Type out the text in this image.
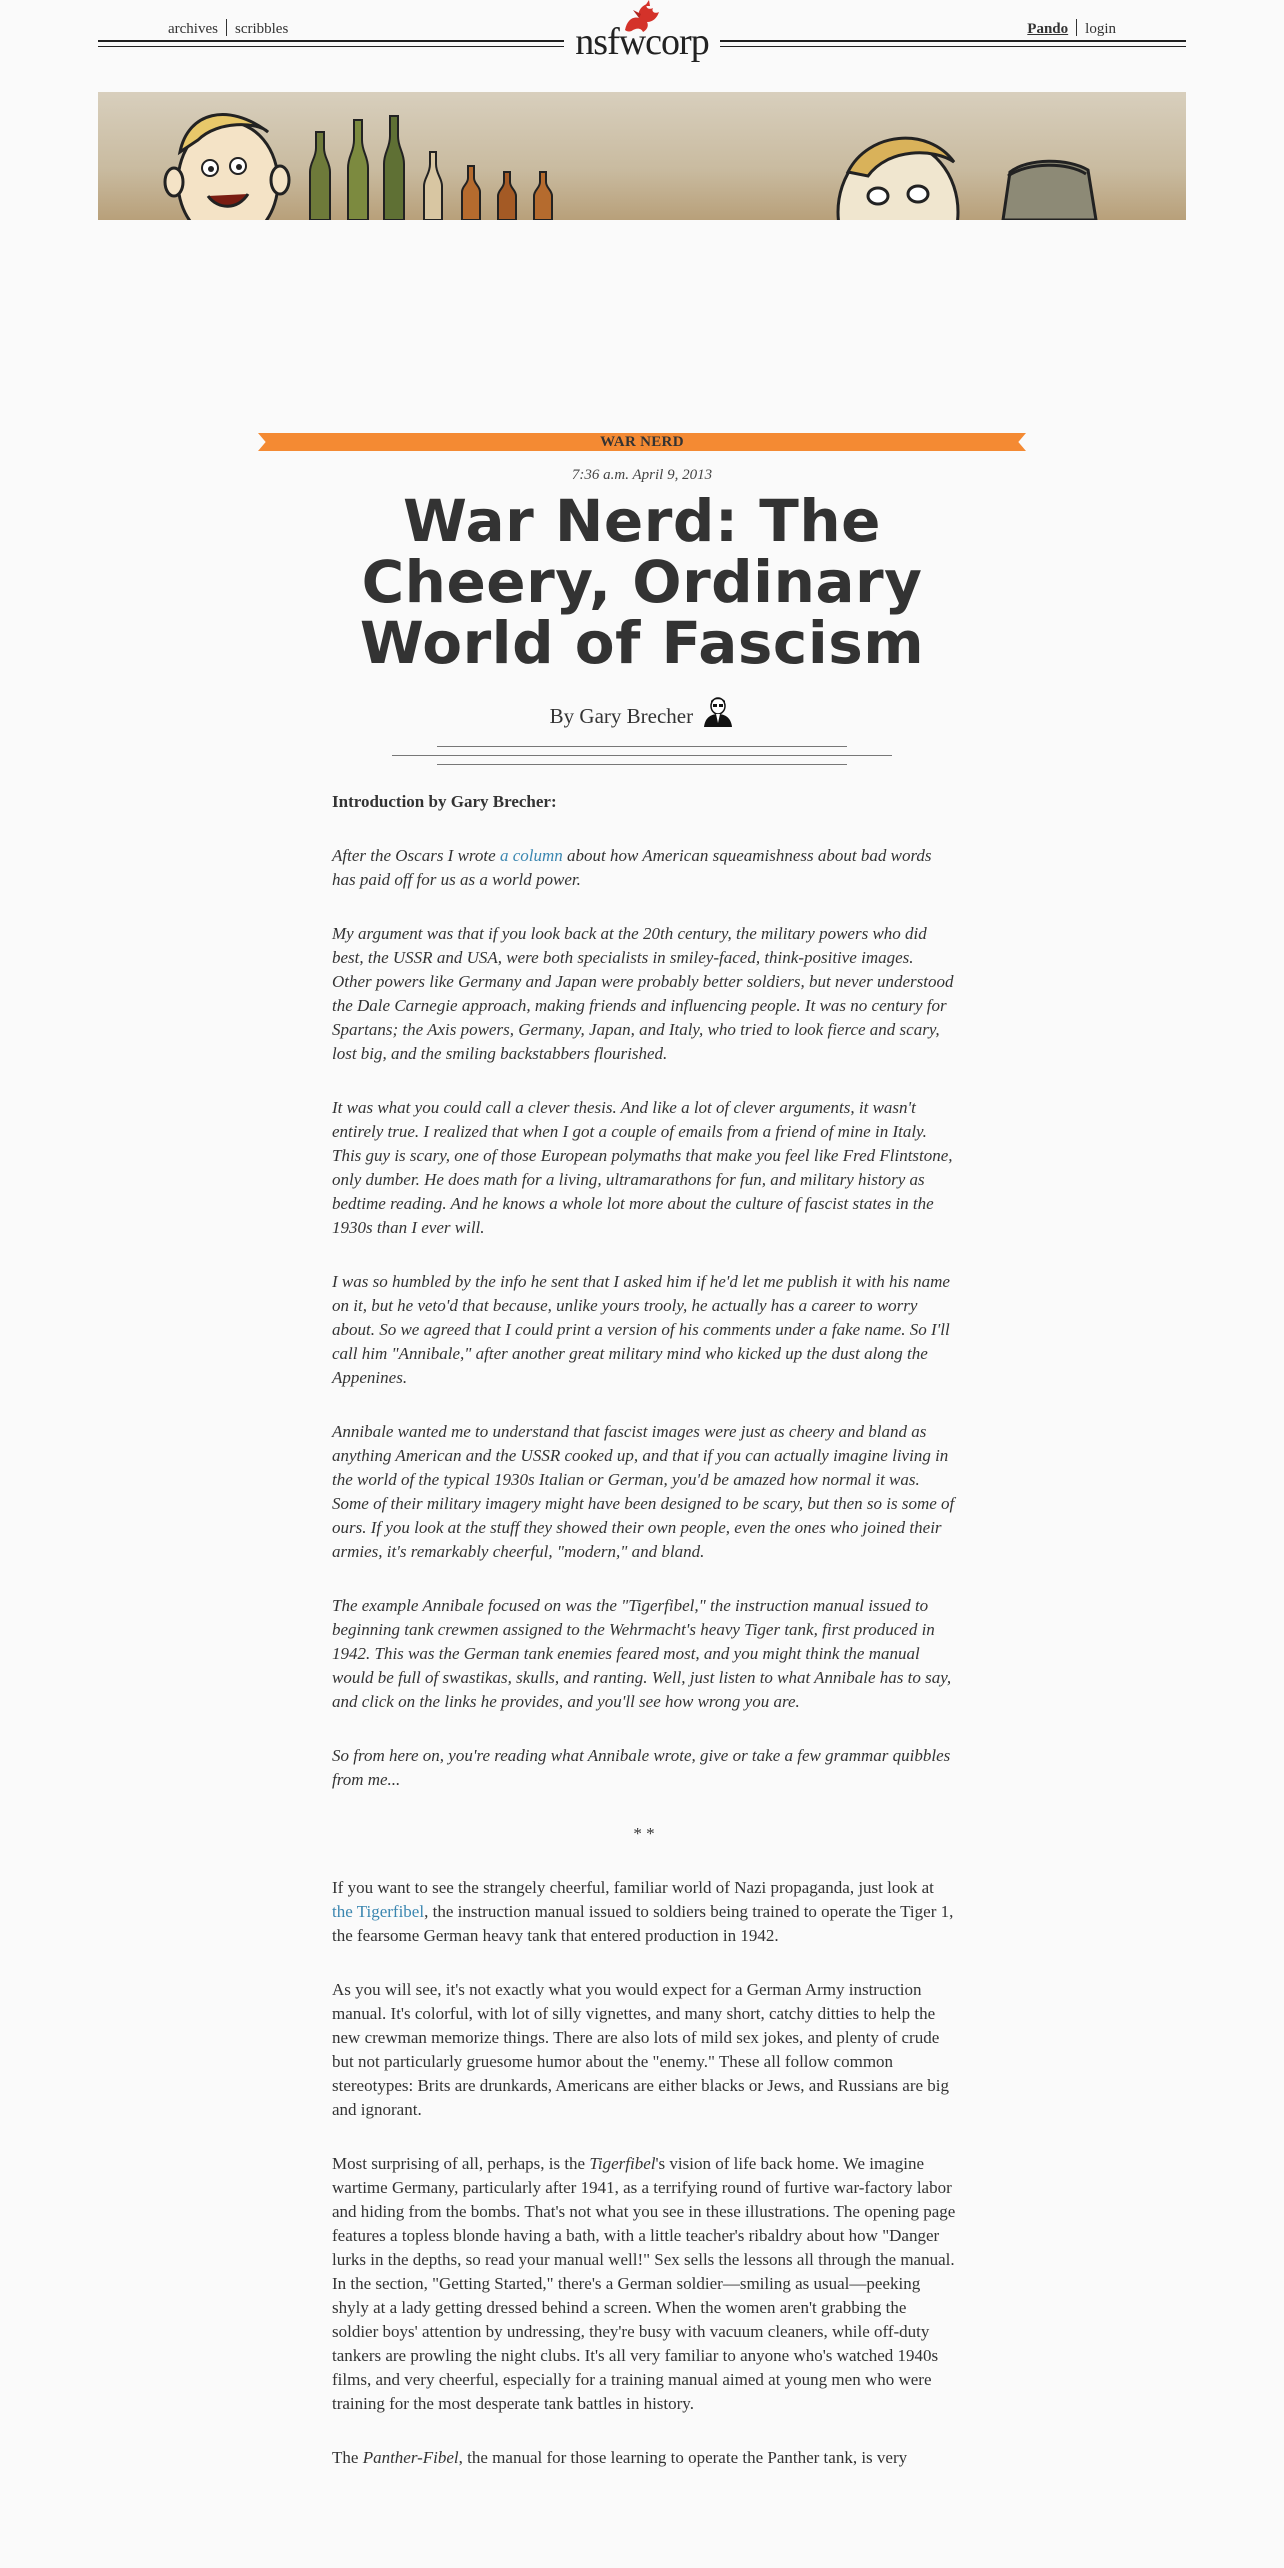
archives scribbles	nsfwcorp	Pando login
WAR NERD
7:36 a.m. April 9, 2013
War Nerd: The Cheery, Ordinary World of Fascism
By Gary Brecher

Introduction by Gary Brecher:

After the Oscars I wrote a column about how American squeamishness about bad words has paid off for us as a world power.

My argument was that if you look back at the 20th century, the military powers who did best, the USSR and USA, were both specialists in smiley-faced, think-positive images. Other powers like Germany and Japan were probably better soldiers, but never understood the Dale Carnegie approach, making friends and influencing people. It was no century for Spartans; the Axis powers, Germany, Japan, and Italy, who tried to look fierce and scary, lost big, and the smiling backstabbers flourished.

It was what you could call a clever thesis. And like a lot of clever arguments, it wasn't entirely true. I realized that when I got a couple of emails from a friend of mine in Italy. This guy is scary, one of those European polymaths that make you feel like Fred Flintstone, only dumber. He does math for a living, ultramarathons for fun, and military history as bedtime reading. And he knows a whole lot more about the culture of fascist states in the 1930s than I ever will.

I was so humbled by the info he sent that I asked him if he'd let me publish it with his name on it, but he veto'd that because, unlike yours trooly, he actually has a career to worry about. So we agreed that I could print a version of his comments under a fake name. So I'll call him "Annibale," after another great military mind who kicked up the dust along the Appenines.

Annibale wanted me to understand that fascist images were just as cheery and bland as anything American and the USSR cooked up, and that if you can actually imagine living in the world of the typical 1930s Italian or German, you'd be amazed how normal it was. Some of their military imagery might have been designed to be scary, but then so is some of ours. If you look at the stuff they showed their own people, even the ones who joined their armies, it's remarkably cheerful, "modern," and bland.

The example Annibale focused on was the "Tigerfibel," the instruction manual issued to beginning tank crewmen assigned to the Wehrmacht's heavy Tiger tank, first produced in 1942. This was the German tank enemies feared most, and you might think the manual would be full of swastikas, skulls, and ranting. Well, just listen to what Annibale has to say, and click on the links he provides, and you'll see how wrong you are.

So from here on, you're reading what Annibale wrote, give or take a few grammar quibbles from me...

* *

If you want to see the strangely cheerful, familiar world of Nazi propaganda, just look at the Tigerfibel, the instruction manual issued to soldiers being trained to operate the Tiger 1, the fearsome German heavy tank that entered production in 1942.

As you will see, it's not exactly what you would expect for a German Army instruction manual. It's colorful, with lot of silly vignettes, and many short, catchy ditties to help the new crewman memorize things. There are also lots of mild sex jokes, and plenty of crude but not particularly gruesome humor about the "enemy." These all follow common stereotypes: Brits are drunkards, Americans are either blacks or Jews, and Russians are big and ignorant.

Most surprising of all, perhaps, is the Tigerfibel's vision of life back home. We imagine wartime Germany, particularly after 1941, as a terrifying round of furtive war-factory labor and hiding from the bombs. That's not what you see in these illustrations. The opening page features a topless blonde having a bath, with a little teacher's ribaldry about how "Danger lurks in the depths, so read your manual well!" Sex sells the lessons all through the manual. In the section, "Getting Started," there's a German soldier—smiling as usual—peeking shyly at a lady getting dressed behind a screen. When the women aren't grabbing the soldier boys' attention by undressing, they're busy with vacuum cleaners, while off-duty tankers are prowling the night clubs. It's all very familiar to anyone who's watched 1940s films, and very cheerful, especially for a training manual aimed at young men who were training for the most desperate tank battles in history.

The Panther-Fibel, the manual for those learning to operate the Panther tank, is very
